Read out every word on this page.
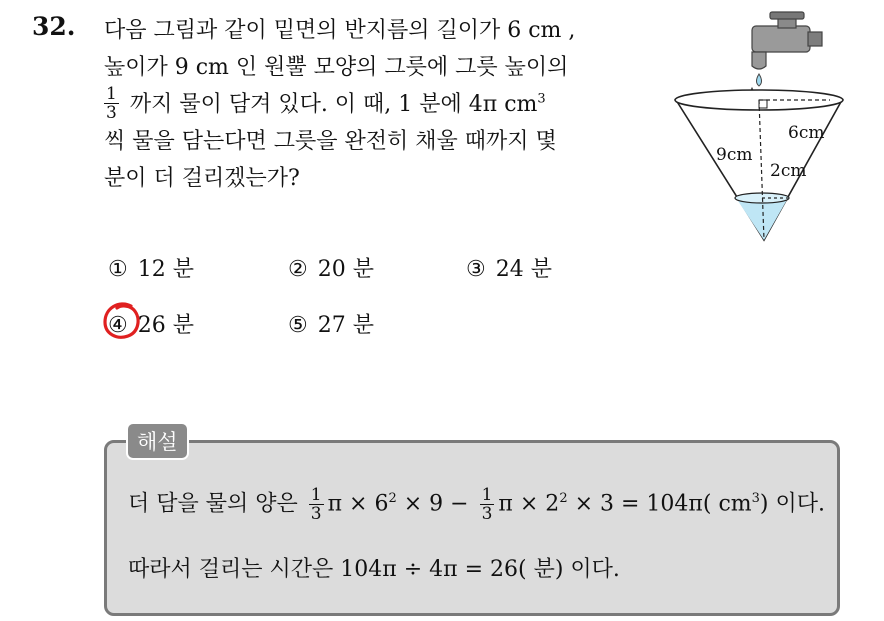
32. 다음 그림과 같이 밑면의 반지름의 길이가 6 cm ,
높이가 9 cm 인 원뿔 모양의 그릇에 그릇 높이의
$\frac{1}{3}$ 까지 물이 담겨 있다. 이 때, 1 분에 4π $cm^3$
씩 물을 담는다면 그릇을 완전히 채울 때까지 몇
분이 더 걸리겠는가?
6cm
9cm
2cm
① 12 분	② 20 분	③ 24 분
④ 26 분	⑤ 27 분
해설
더 담을 물의 양은 $\frac{1}{3}$ $\pi \times 6^2 \times 9 - \frac{1}{3}$ $\pi \times 2^2 \times 3 = 104\pi$( $cm^3$) 이다.
따라서 걸리는 시간은 104π ÷ 4π = 26( 분) 이다.
